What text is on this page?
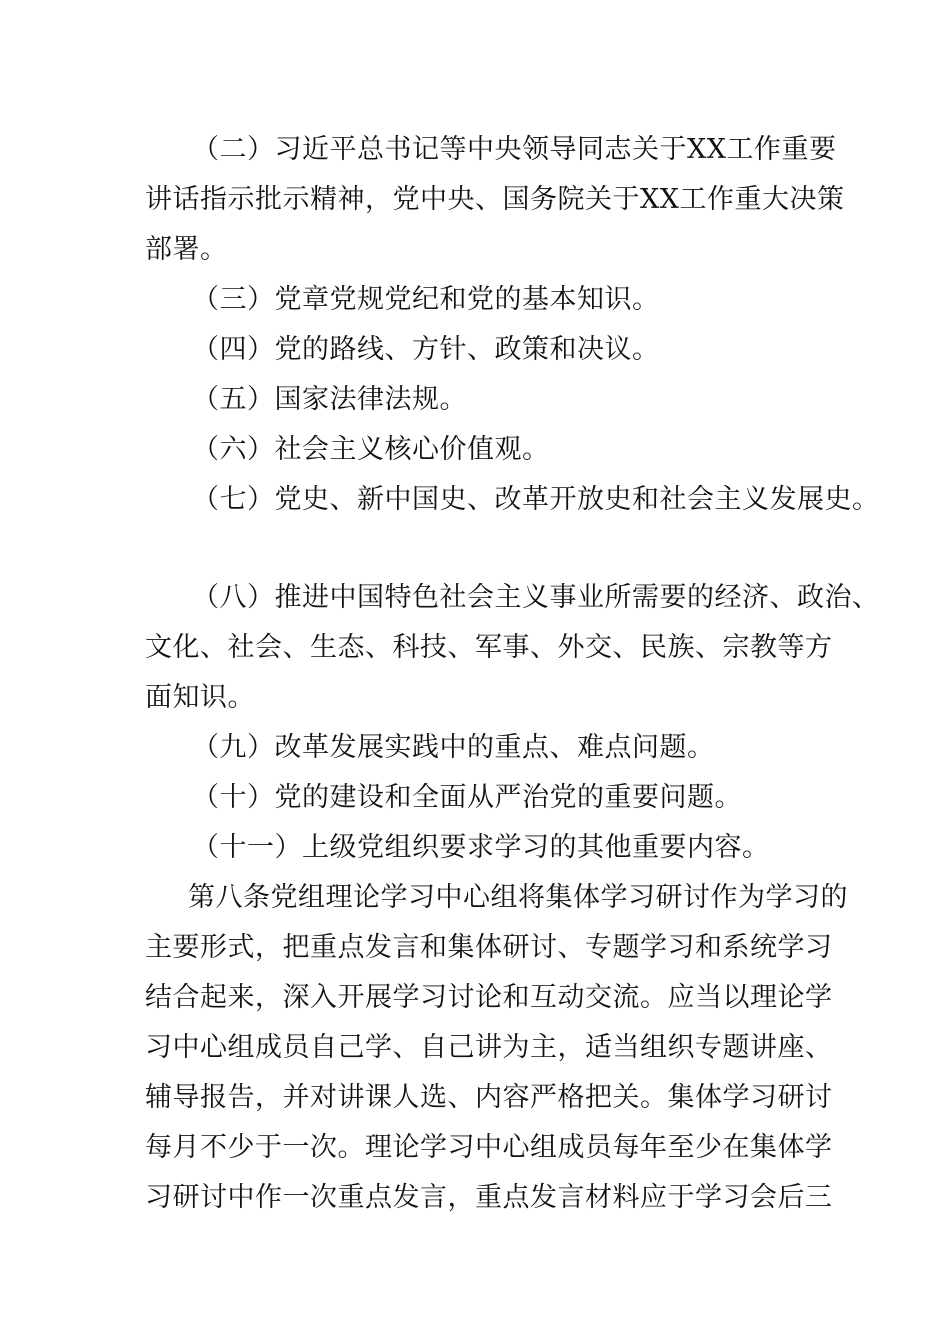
（二）习近平总书记等中央领导同志关于XX工作重要
讲话指示批示精神，党中央、国务院关于XX工作重大决策
部署。
（三）党章党规党纪和党的基本知识。
（四）党的路线、方针、政策和决议。
（五）国家法律法规。
（六）社会主义核心价值观。
（七）党史、新中国史、改革开放史和社会主义发展史。
（八）推进中国特色社会主义事业所需要的经济、政治、
文化、社会、生态、科技、军事、外交、民族、宗教等方
面知识。
（九）改革发展实践中的重点、难点问题。
（十）党的建设和全面从严治党的重要问题。
（十一）上级党组织要求学习的其他重要内容。
第八条党组理论学习中心组将集体学习研讨作为学习的
主要形式，把重点发言和集体研讨、专题学习和系统学习
结合起来，深入开展学习讨论和互动交流。应当以理论学
习中心组成员自己学、自己讲为主，适当组织专题讲座、
辅导报告，并对讲课人选、内容严格把关。集体学习研讨
每月不少于一次。理论学习中心组成员每年至少在集体学
习研讨中作一次重点发言，重点发言材料应于学习会后三
